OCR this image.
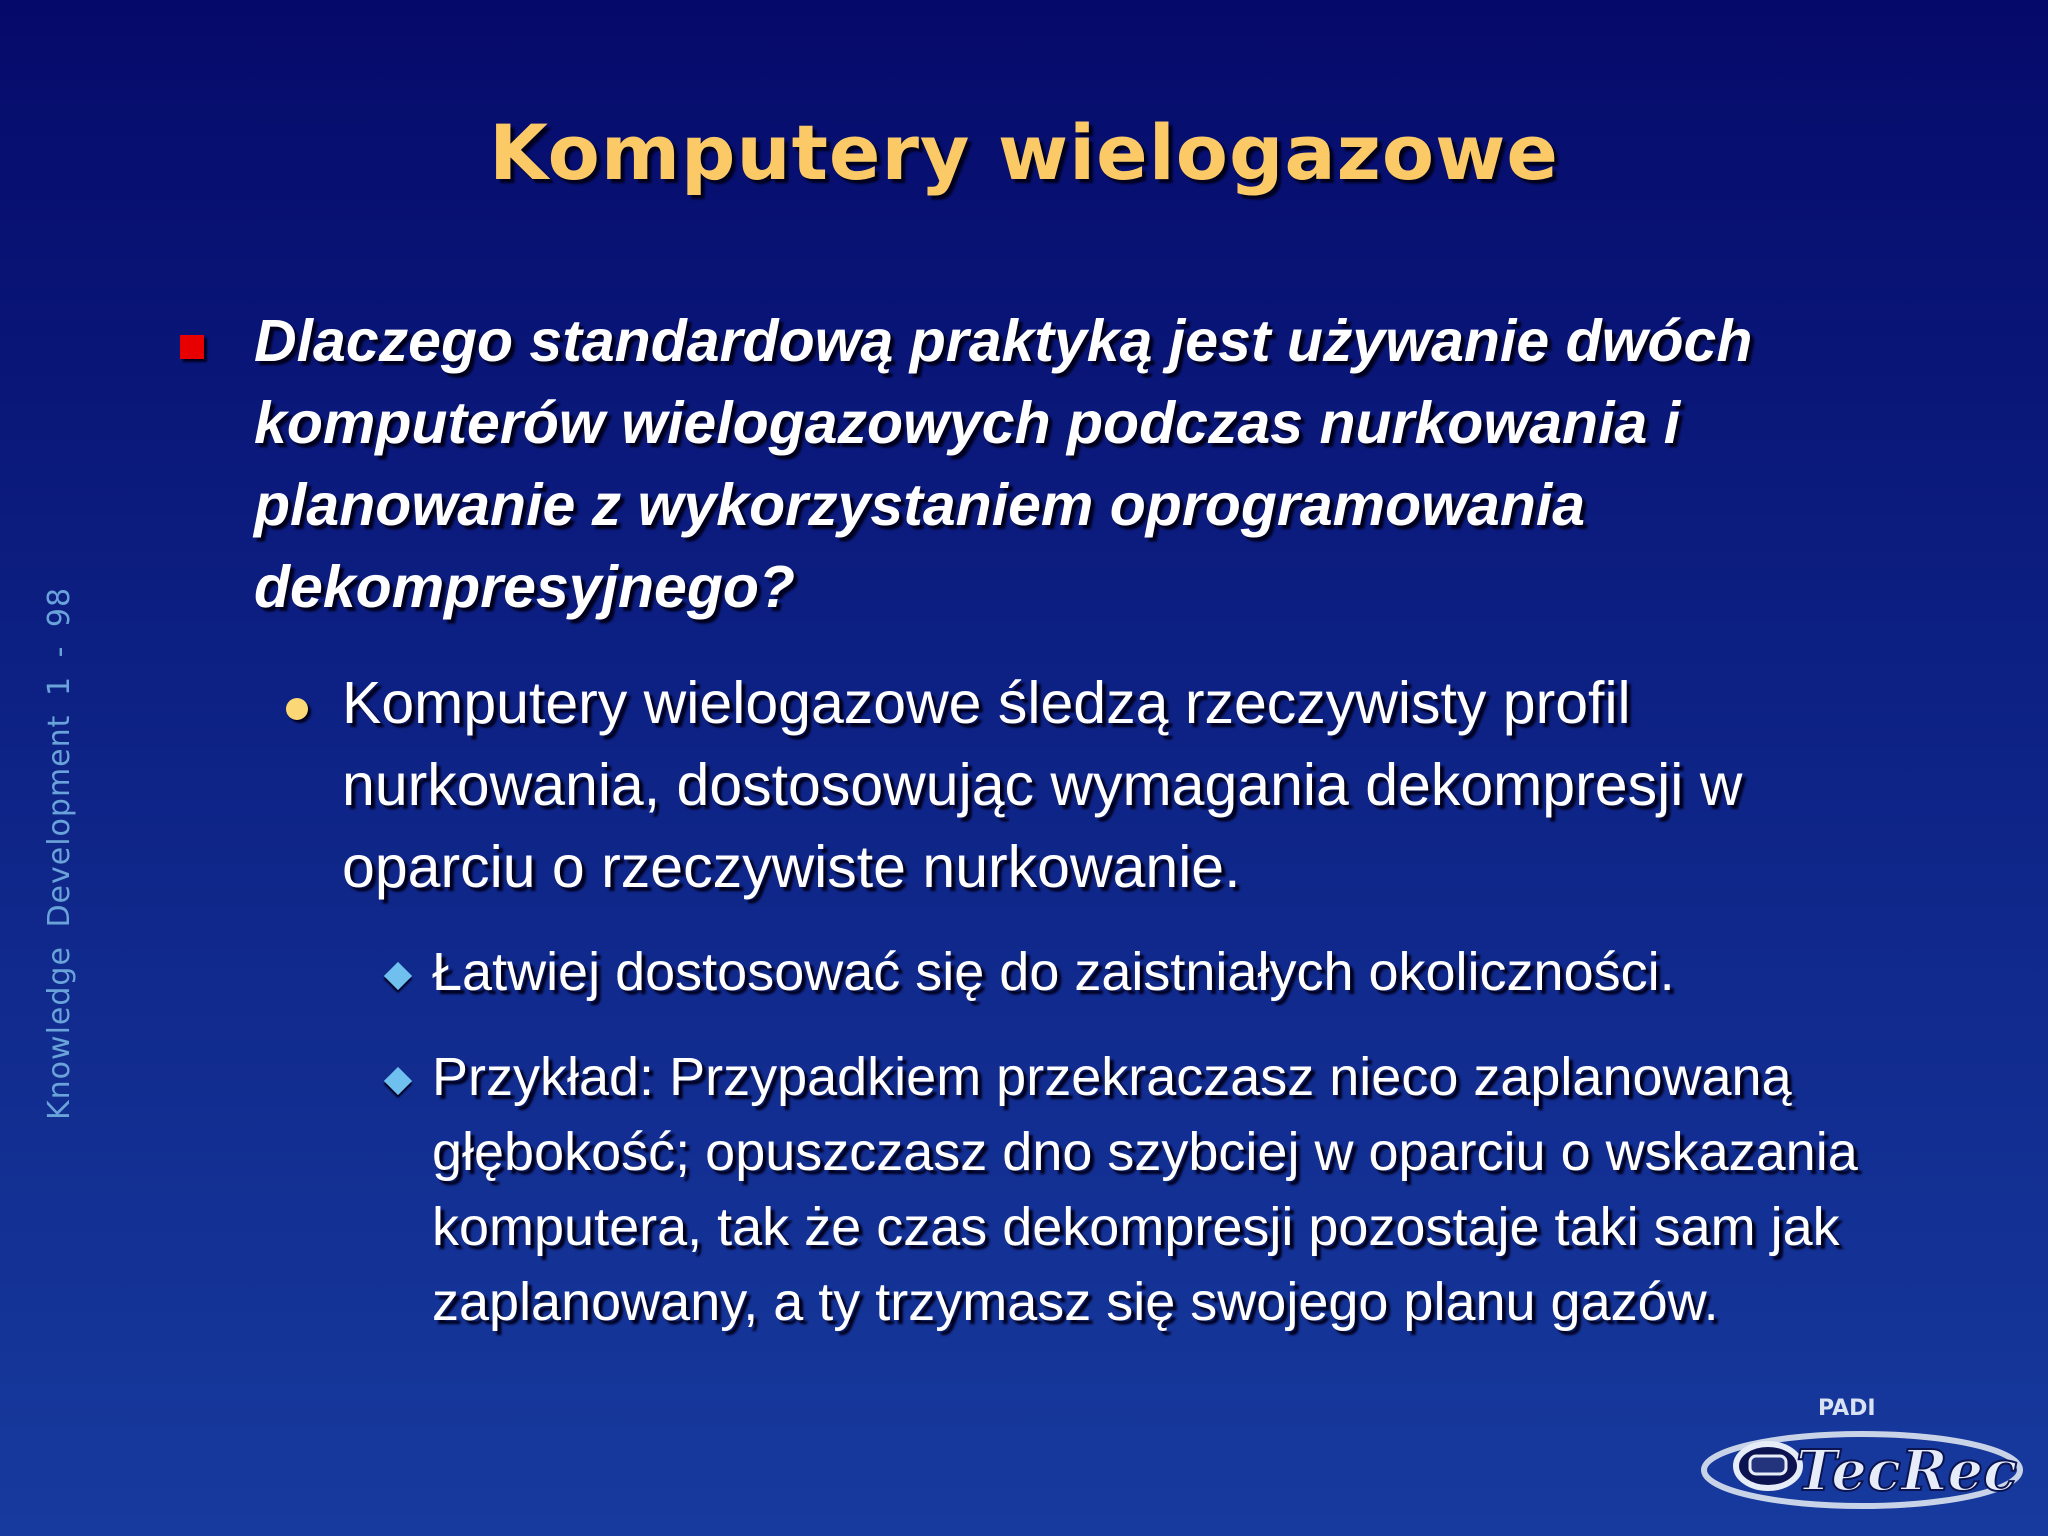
Komputery wielogazowe
Dlaczego standardową praktyką jest używanie dwóch komputerów wielogazowych podczas nurkowania i planowanie z wykorzystaniem oprogramowania dekompresyjnego?
Komputery wielogazowe śledzą rzeczywisty profil nurkowania, dostosowując wymagania dekompresji w oparciu o rzeczywiste nurkowanie.
Łatwiej dostosować się do zaistniałych okoliczności.
Przykład: Przypadkiem przekraczasz nieco zaplanowaną głębokość; opuszczasz dno szybciej w oparciu o wskazania komputera, tak że czas dekompresji pozostaje taki sam jak zaplanowany, a ty trzymasz się swojego planu gazów.
Knowledge Development 1 - 98
PADI
TecRec
